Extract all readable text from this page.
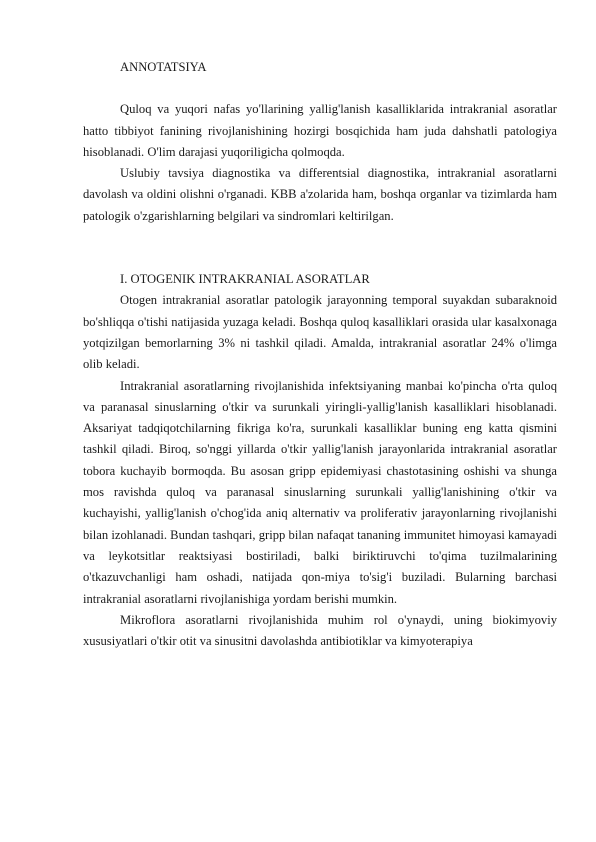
ANNOTATSIYA

Quloq va yuqori nafas yo'llarining yallig'lanish kasalliklarida intrakranial asoratlar hatto tibbiyot fanining rivojlanishining hozirgi bosqichida ham juda dahshatli patologiya hisoblanadi. O'lim darajasi yuqoriligicha qolmoqda.

Uslubiy tavsiya diagnostika va differentsial diagnostika, intrakranial asoratlarni davolash va oldini olishni o'rganadi. KBB a'zolarida ham, boshqa organlar va tizimlarda ham patologik o'zgarishlarning belgilari va sindromlari keltirilgan.

I. OTOGENIK INTRAKRANIAL ASORATLAR

Otogen intrakranial asoratlar patologik jarayonning temporal suyakdan subaraknoid bo'shliqqa o'tishi natijasida yuzaga keladi. Boshqa quloq kasalliklari orasida ular kasalxonaga yotqizilgan bemorlarning 3% ni tashkil qiladi. Amalda, intrakranial asoratlar 24% o'limga olib keladi.

Intrakranial asoratlarning rivojlanishida infektsiyaning manbai ko'pincha o'rta quloq va paranasal sinuslarning o'tkir va surunkali yiringli-yallig'lanish kasalliklari hisoblanadi. Aksariyat tadqiqotchilarning fikriga ko'ra, surunkali kasalliklar buning eng katta qismini tashkil qiladi. Biroq, so'nggi yillarda o'tkir yallig'lanish jarayonlarida intrakranial asoratlar tobora kuchayib bormoqda. Bu asosan gripp epidemiyasi chastotasining oshishi va shunga mos ravishda quloq va paranasal sinuslarning surunkali yallig'lanishining o'tkir va kuchayishi, yallig'lanish o'chog'ida aniq alternativ va proliferativ jarayonlarning rivojlanishi bilan izohlanadi. Bundan tashqari, gripp bilan nafaqat tananing immunitet himoyasi kamayadi va leykotsitlar reaktsiyasi bostiriladi, balki biriktiruvchi to'qima tuzilmalarining o'tkazuvchanligi ham oshadi, natijada qon-miya to'sig'i buziladi. Bularning barchasi intrakranial asoratlarni rivojlanishiga yordam berishi mumkin.

Mikroflora asoratlarni rivojlanishida muhim rol o'ynaydi, uning biokimyoviy xususiyatlari o'tkir otit va sinusitni davolashda antibiotiklar va kimyoterapiya
